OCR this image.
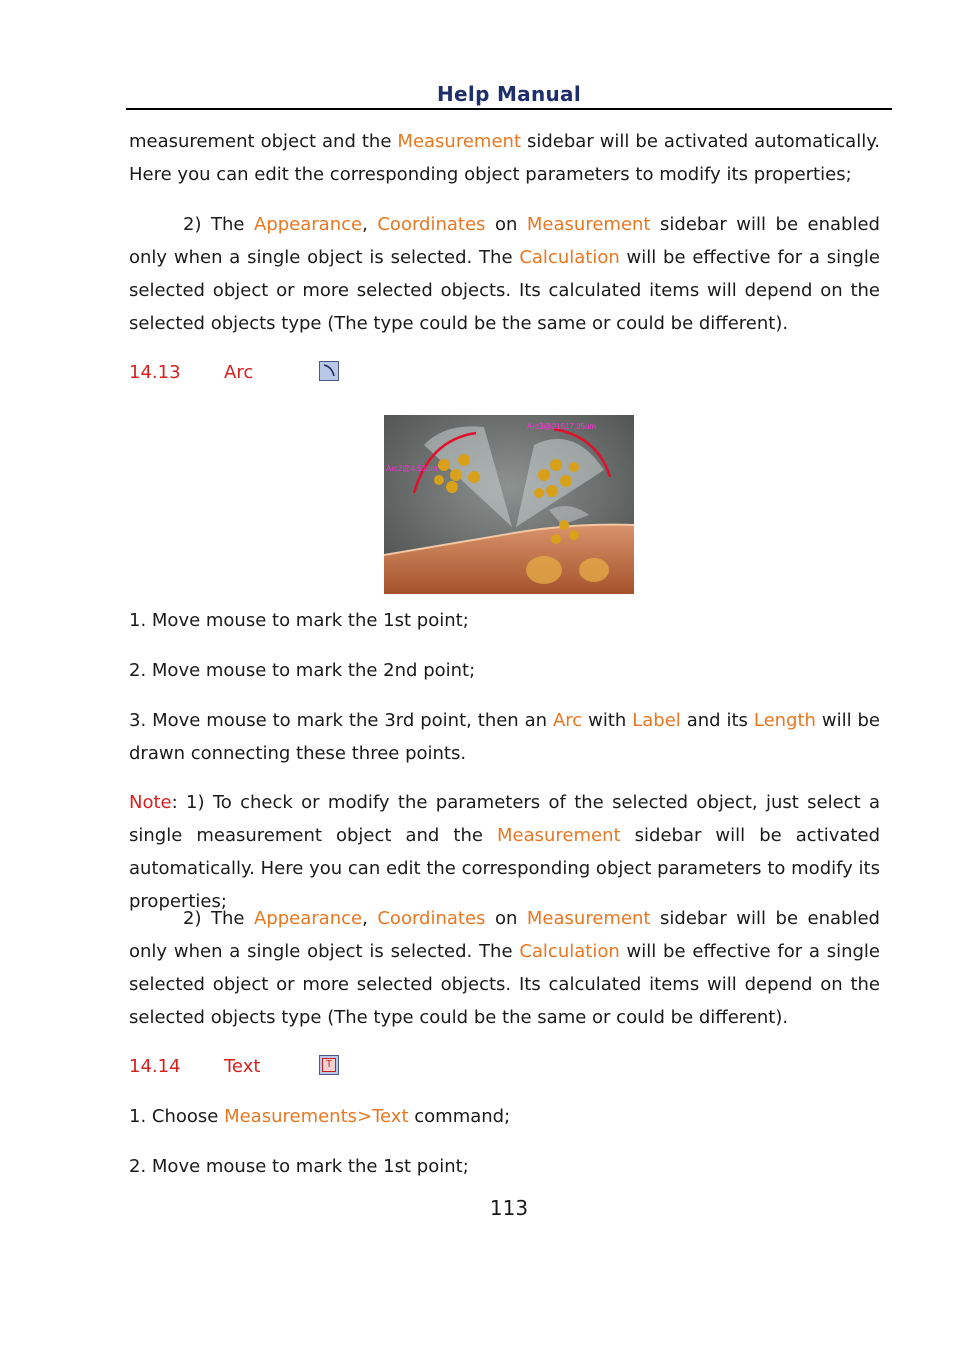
Help Manual

measurement object and the Measurement sidebar will be activated automatically. Here you can edit the corresponding object parameters to modify its properties;

2) The Appearance, Coordinates on Measurement sidebar will be enabled only when a single object is selected. The Calculation will be effective for a single selected object or more selected objects. Its calculated items will depend on the selected objects type (The type could be the same or could be different).

14.13 Arc
Arc3@21617.35um
Arc2@4.51um

1. Move mouse to mark the 1st point;

2. Move mouse to mark the 2nd point;

3. Move mouse to mark the 3rd point, then an Arc with Label and its Length will be drawn connecting these three points.

Note: 1) To check or modify the parameters of the selected object, just select a single measurement object and the Measurement sidebar will be activated automatically. Here you can edit the corresponding object parameters to modify its properties;

2) The Appearance, Coordinates on Measurement sidebar will be enabled only when a single object is selected. The Calculation will be effective for a single selected object or more selected objects. Its calculated items will depend on the selected objects type (The type could be the same or could be different).

14.14 Text	T

1. Choose Measurements>Text command;

2. Move mouse to mark the 1st point;

113
